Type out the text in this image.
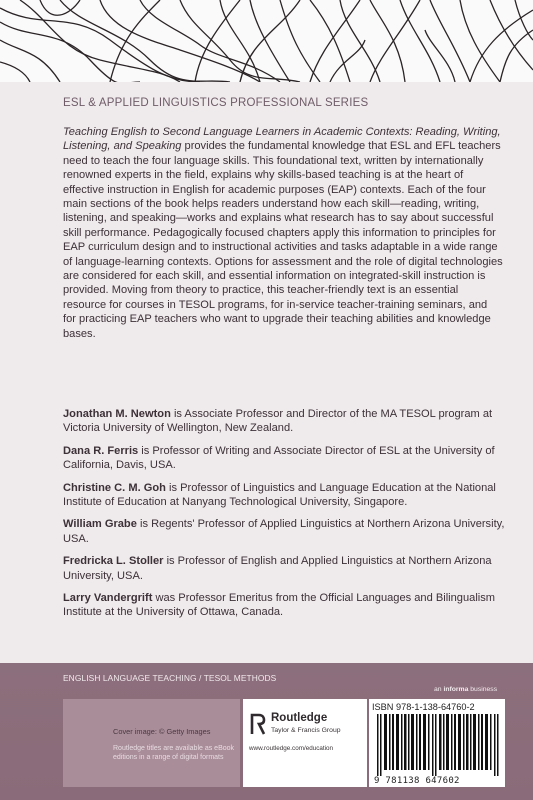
ESL & APPLIED LINGUISTICS PROFESSIONAL SERIES
Teaching English to Second Language Learners in Academic Contexts: Reading, Writing, Listening, and Speaking provides the fundamental knowledge that ESL and EFL teachers need to teach the four language skills. This foundational text, written by internationally renowned experts in the field, explains why skills-based teaching is at the heart of effective instruction in English for academic purposes (EAP) contexts. Each of the four main sections of the book helps readers understand how each skill—reading, writing, listening, and speaking—works and explains what research has to say about successful skill performance. Pedagogically focused chapters apply this information to principles for EAP curriculum design and to instructional activities and tasks adaptable in a wide range of language-learning contexts. Options for assessment and the role of digital technologies are considered for each skill, and essential information on integrated-skill instruction is provided. Moving from theory to practice, this teacher-friendly text is an essential resource for courses in TESOL programs, for in-service teacher-training seminars, and for practicing EAP teachers who want to upgrade their teaching abilities and knowledge bases.

Jonathan M. Newton is Associate Professor and Director of the MA TESOL program at Victoria University of Wellington, New Zealand.

Dana R. Ferris is Professor of Writing and Associate Director of ESL at the University of California, Davis, USA.

Christine C. M. Goh is Professor of Linguistics and Language Education at the National Institute of Education at Nanyang Technological University, Singapore.

William Grabe is Regents' Professor of Applied Linguistics at Northern Arizona University, USA.

Fredricka L. Stoller is Professor of English and Applied Linguistics at Northern Arizona University, USA.

Larry Vandergrift was Professor Emeritus from the Official Languages and Bilingualism Institute at the University of Ottawa, Canada.

ENGLISH LANGUAGE TEACHING / TESOL METHODS
an informa business
Cover image: © Getty Images
Routledge titles are available as eBook editions in a range of digital formats
Routledge
Taylor & Francis Group
www.routledge.com/education
ISBN 978-1-138-64760-2
9 781138 647602
